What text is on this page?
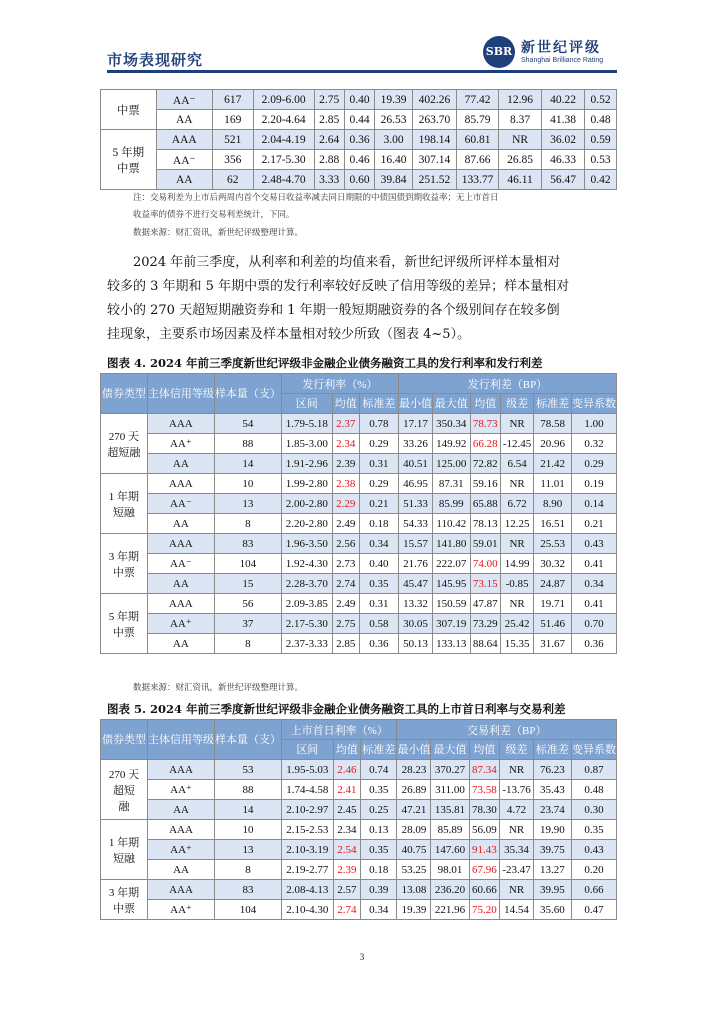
市场表现研究	SBR 新世纪评级
Shanghai Brilliance Rating
中票	AA⁻	617	2.09-6.00	2.75	0.40	19.39	402.26	77.42	12.96	40.22	0.52
	AA	169	2.20-4.64	2.85	0.44	26.53	263.70	85.79	8.37	41.38	0.48
5 年期
中票	AAA	521	2.04-4.19	2.64	0.36	3.00	198.14	60.81	NR	36.02	0.59
	AA⁻	356	2.17-5.30	2.88	0.46	16.40	307.14	87.66	26.85	46.33	0.53
	AA	62	2.48-4.70	3.33	0.60	39.84	251.52	133.77	46.11	56.47	0.42
注：交易利差为上市后两周内首个交易日收益率减去同日期限的中债国债到期收益率；无上市首日
收益率的债券不进行交易利差统计，下同。
数据来源：财汇资讯，新世纪评级整理计算。
2024 年前三季度，从利率和利差的均值来看，新世纪评级所评样本量相对
较多的 3 年期和 5 年期中票的发行利率较好反映了信用等级的差异；样本量相对
较小的 270 天超短期融资券和 1 年期一般短期融资券的各个级别间存在较多倒
挂现象，主要系市场因素及样本量相对较少所致（图表 4~5）。
图表 4. 2024 年前三季度新世纪评级非金融企业债务融资工具的发行利率和发行利差
债券类型	主体信用等级	样本量（支）	发行利率（%）			发行利差（BP）					
			区间	均值	标准差	最小值	最大值	均值	级差	标准差	变异系数
270 天
超短融	AAA	54	1.79-5.18	2.37	0.78	17.17	350.34	78.73	NR	78.58	1.00
	AA⁺	88	1.85-3.00	2.34	0.29	33.26	149.92	66.28	-12.45	20.96	0.32
	AA	14	1.91-2.96	2.39	0.31	40.51	125.00	72.82	6.54	21.42	0.29
1 年期
短融	AAA	10	1.99-2.80	2.38	0.29	46.95	87.31	59.16	NR	11.01	0.19
	AA⁻	13	2.00-2.80	2.29	0.21	51.33	85.99	65.88	6.72	8.90	0.14
	AA	8	2.20-2.80	2.49	0.18	54.33	110.42	78.13	12.25	16.51	0.21
3 年期
中票	AAA	83	1.96-3.50	2.56	0.34	15.57	141.80	59.01	NR	25.53	0.43
	AA⁻	104	1.92-4.30	2.73	0.40	21.76	222.07	74.00	14.99	30.32	0.41
	AA	15	2.28-3.70	2.74	0.35	45.47	145.95	73.15	-0.85	24.87	0.34
5 年期
中票	AAA	56	2.09-3.85	2.49	0.31	13.32	150.59	47.87	NR	19.71	0.41
	AA⁺	37	2.17-5.30	2.75	0.58	30.05	307.19	73.29	25.42	51.46	0.70
	AA	8	2.37-3.33	2.85	0.36	50.13	133.13	88.64	15.35	31.67	0.36
数据来源：财汇资讯，新世纪评级整理计算。
图表 5. 2024 年前三季度新世纪评级非金融企业债务融资工具的上市首日利率与交易利差
债券类型	主体信用等级	样本量（支）	上市首日利率（%）			交易利差（BP）					
			区间	均值	标准差	最小值	最大值	均值	级差	标准差	变异系数
270 天
超短
融	AAA	53	1.95-5.03	2.46	0.74	28.23	370.27	87.34	NR	76.23	0.87
	AA⁺	88	1.74-4.58	2.41	0.35	26.89	311.00	73.58	-13.76	35.43	0.48
	AA	14	2.10-2.97	2.45	0.25	47.21	135.81	78.30	4.72	23.74	0.30
1 年期
短融	AAA	10	2.15-2.53	2.34	0.13	28.09	85.89	56.09	NR	19.90	0.35
	AA⁺	13	2.10-3.19	2.54	0.35	40.75	147.60	91.43	35.34	39.75	0.43
	AA	8	2.19-2.77	2.39	0.18	53.25	98.01	67.96	-23.47	13.27	0.20
3 年期
中票	AAA	83	2.08-4.13	2.57	0.39	13.08	236.20	60.66	NR	39.95	0.66
	AA⁺	104	2.10-4.30	2.74	0.34	19.39	221.96	75.20	14.54	35.60	0.47
3
